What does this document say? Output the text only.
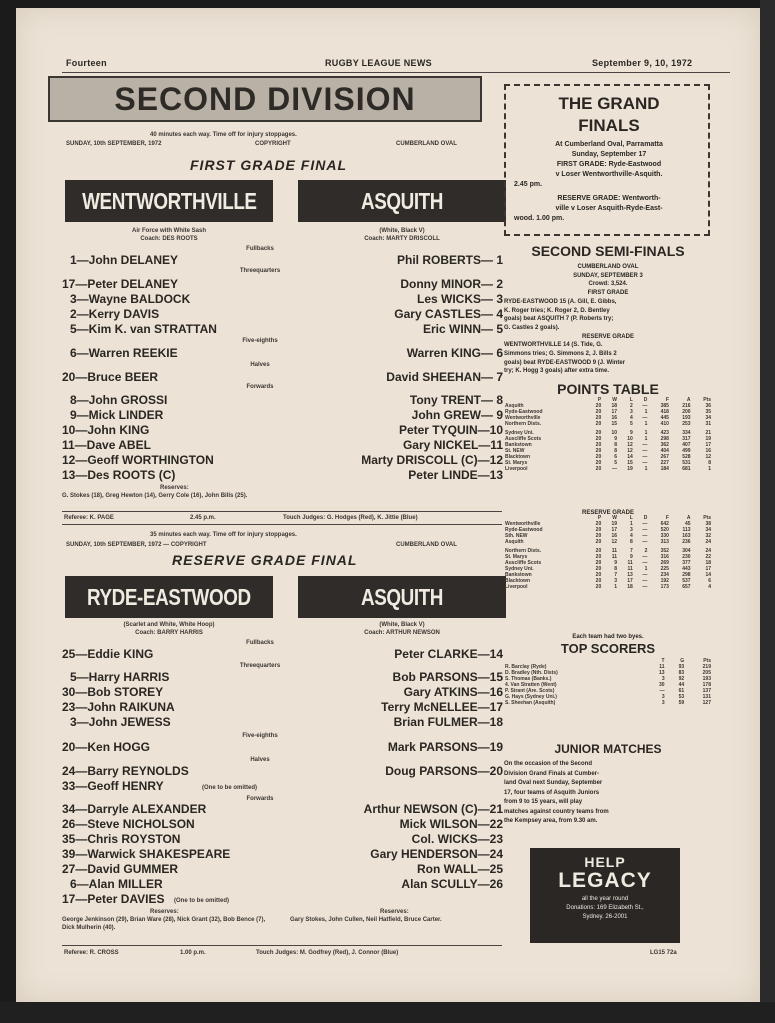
Fourteen	RUGBY LEAGUE NEWS	September 9, 10, 1972
SECOND DIVISION
40 minutes each way. Time off for injury stoppages.
SUNDAY, 10th SEPTEMBER, 1972	COPYRIGHT	CUMBERLAND OVAL
FIRST GRADE FINAL
WENTWORTHVILLE	ASQUITH
Air Force with White Sash
Coach: DES ROOTS
(White, Black V)
Coach: MARTY DRISCOLL
Fullbacks
Threequarters
Five-eighths
Halves
Forwards
1—John DELANEY
17—Peter DELANEY
3—Wayne BALDOCK
2—Kerry DAVIS
5—Kim K. van STRATTAN
6—Warren REEKIE
20—Bruce BEER
8—John GROSSI
9—Mick LINDER
10—John KING
11—Dave ABEL
12—Geoff WORTHINGTON
13—Des ROOTS (C)
Phil ROBERTS— 1
Donny MINOR— 2
Les WICKS— 3
Gary CASTLES— 4
Eric WINN— 5
Warren KING— 6
David SHEEHAN— 7
Tony TRENT— 8
John GREW— 9
Peter TYQUIN—10
Gary NICKEL—11
Marty DRISCOLL (C)—12
Peter LINDE—13
Reserves:
G. Stokes (18), Greg Hewton (14), Gerry Cole (16), John Bills (25).
Referee: K. PAGE	2.45 p.m.	Touch Judges: G. Hodges (Red), K. Jittie (Blue)
35 minutes each way. Time off for injury stoppages.
SUNDAY, 10th SEPTEMBER, 1972 — COPYRIGHT	CUMBERLAND OVAL
RESERVE GRADE FINAL
RYDE-EASTWOOD	ASQUITH
(Scarlet and White, White Hoop)
Coach: BARRY HARRIS
(White, Black V)
Coach: ARTHUR NEWSON
Fullbacks
Threequarters
Five-eighths
Halves
Forwards
25—Eddie KING
5—Harry HARRIS
30—Bob STOREY
23—John RAIKUNA
3—John JEWESS
20—Ken HOGG
24—Barry REYNOLDS
33—Geoff HENRY	(One to be omitted)
34—Darryle ALEXANDER
26—Steve NICHOLSON
35—Chris ROYSTON
39—Warwick SHAKESPEARE
27—David GUMMER
6—Alan MILLER
17—Peter DAVIES (One to be omitted)
Peter CLARKE—14
Bob PARSONS—15
Gary ATKINS—16
Terry McNELLEE—17
Brian FULMER—18
Mark PARSONS—19
Doug PARSONS—20
Arthur NEWSON (C)—21
Mick WILSON—22
Col. WICKS—23
Gary HENDERSON—24
Ron WALL—25
Alan SCULLY—26
Reserves:
George Jenkinson (29), Brian Ware (28), Nick Grant (32), Bob Bence (7), Dick Mulherin (40).
Reserves:
Gary Stokes, John Cullen, Neil Hatfield, Bruce Carter.
Referee: R. CROSS	1.00 p.m.	Touch Judges: M. Godfrey (Red), J. Connor (Blue)
THE GRAND
FINALS
At Cumberland Oval, Parramatta
Sunday, September 17
FIRST GRADE: Ryde-Eastwood
v Loser Wentworthville-Asquith.
2.45 pm.
RESERVE GRADE: Wentworth-
ville v Loser Asquith-Ryde-East-
wood. 1.00 pm.
SECOND SEMI-FINALS
CUMBERLAND OVAL
SUNDAY, SEPTEMBER 3
Crowd: 3,524.
FIRST GRADE
RYDE-EASTWOOD 15 (A. Gill, E. Gibbs,
K. Roger tries; K. Roger 2, D. Bentley
goals) beat ASQUITH 7 (P. Roberts try;
G. Castles 2 goals).
RESERVE GRADE
WENTWORTHVILLE 14 (S. Tide, G.
Simmons tries; G. Simmons 2, J. Bills 2
goals) beat RYDE-EASTWOOD 9 (J. Winter
try; K. Hogg 3 goals) after extra time.
POINTS TABLE
	P	W	L	D	F	A	Pts
Asquith	20	18	2	—	385	216	36
Ryde-Eastwood	20	17	3	1	418	200	35
Wentworthville	20	16	4	—	445	193	34
Northern Dists.	20	15	5	1	410	253	31

Sydney Uni.	20	10	9	1	423	334	21
Auscliffe Scots	20	9	10	1	298	317	19
Bankstown	20	8	12	—	362	407	17
St. NEW	20	8	12	—	404	499	16
Blacktown	20	6	14	—	267	528	12
St. Marys	20	5	15	—	227	531	8
Liverpool	20	—	19	1	184	681	1
	P	W	L	D	F	A	Pts
Wentworthville	20	19	1	—	642	45	38
Ryde-Eastwood	20	17	3	—	520	113	34
Sth. NEW	20	16	4	—	330	163	32
Asquith	20	12	8	—	313	236	24

Northern Dists.	20	11	7	2	352	304	24
St. Marys	20	11	9	—	316	230	22
Auscliffe Scots	20	9	11	—	269	377	18
Sydney Uni.	20	8	11	1	225	443	17
Bankstown	20	7	13	—	234	298	14
Blacktown	20	3	17	—	192	537	6
Liverpool	20	1	18	—	173	657	4
Each team had two byes.
TOP SCORERS
	T	G	Pts
R. Barclay (Ryde)	11	93	219
D. Bradley (Nth. Dists)	13	83	205
S. Thomas (Banks.)	3	92	193
4. Van Stratten (Went)	30	44	178
P. Strant (Are. Scots)	—	61	137
G. Hays (Sydney Uni.)	3	53	131
S. Sheehan (Asquith)	3	59	127
JUNIOR MATCHES
On the occasion of the Second
Division Grand Finals at Cumber-
land Oval next Sunday, September
17, four teams of Asquith Juniors
from 9 to 15 years, will play
matches against country teams from
the Kempsey area, from 9.30 am.
HELP
LEGACY
all the year round
Donations: 169 Elizabeth St.,
Sydney. 26-2001
LG15 72a
RESERVE GRADE
